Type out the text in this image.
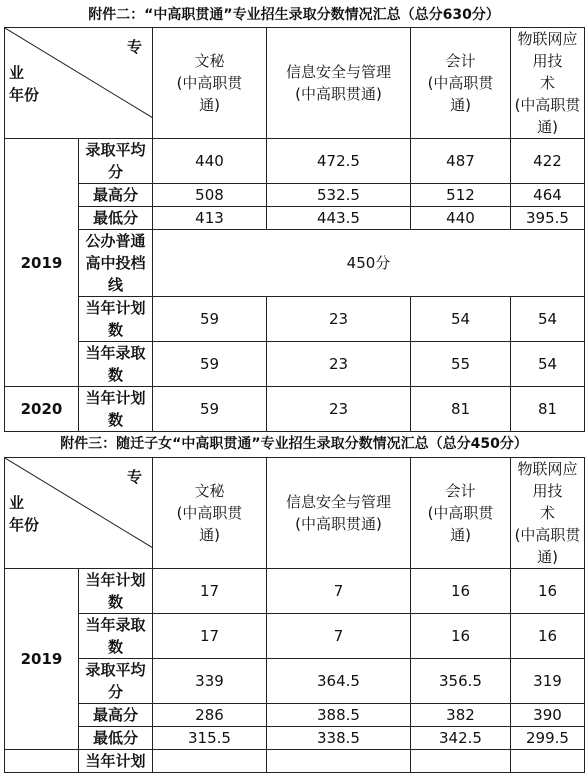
附件二：“中高职贯通”专业招生录取分数情况汇总（总分630分）
专
业
年份		文秘
(中高职贯
通)	信息安全与管理
(中高职贯通)	会计
(中高职贯
通)	物联网应用技
术
(中高职贯
通)
2019	录取平均
分	440	472.5	487	422
	最高分	508	532.5	512	464
	最低分	413	443.5	440	395.5
	公办普通
高中投档
线	450分			
	当年计划
数	59	23	54	54
	当年录取
数	59	23	55	54
2020	当年计划
数	59	23	81	81
附件三：随迁子女“中高职贯通”专业招生录取分数情况汇总（总分450分）
专
业
年份		文秘
(中高职贯
通)	信息安全与管理
(中高职贯通)	会计
(中高职贯
通)	物联网应用技
术
(中高职贯
通)
2019	当年计划
数	17	7	16	16
	当年录取
数	17	7	16	16
	录取平均
分	339	364.5	356.5	319
	最高分	286	388.5	382	390
	最低分	315.5	338.5	342.5	299.5
	当年计划				
